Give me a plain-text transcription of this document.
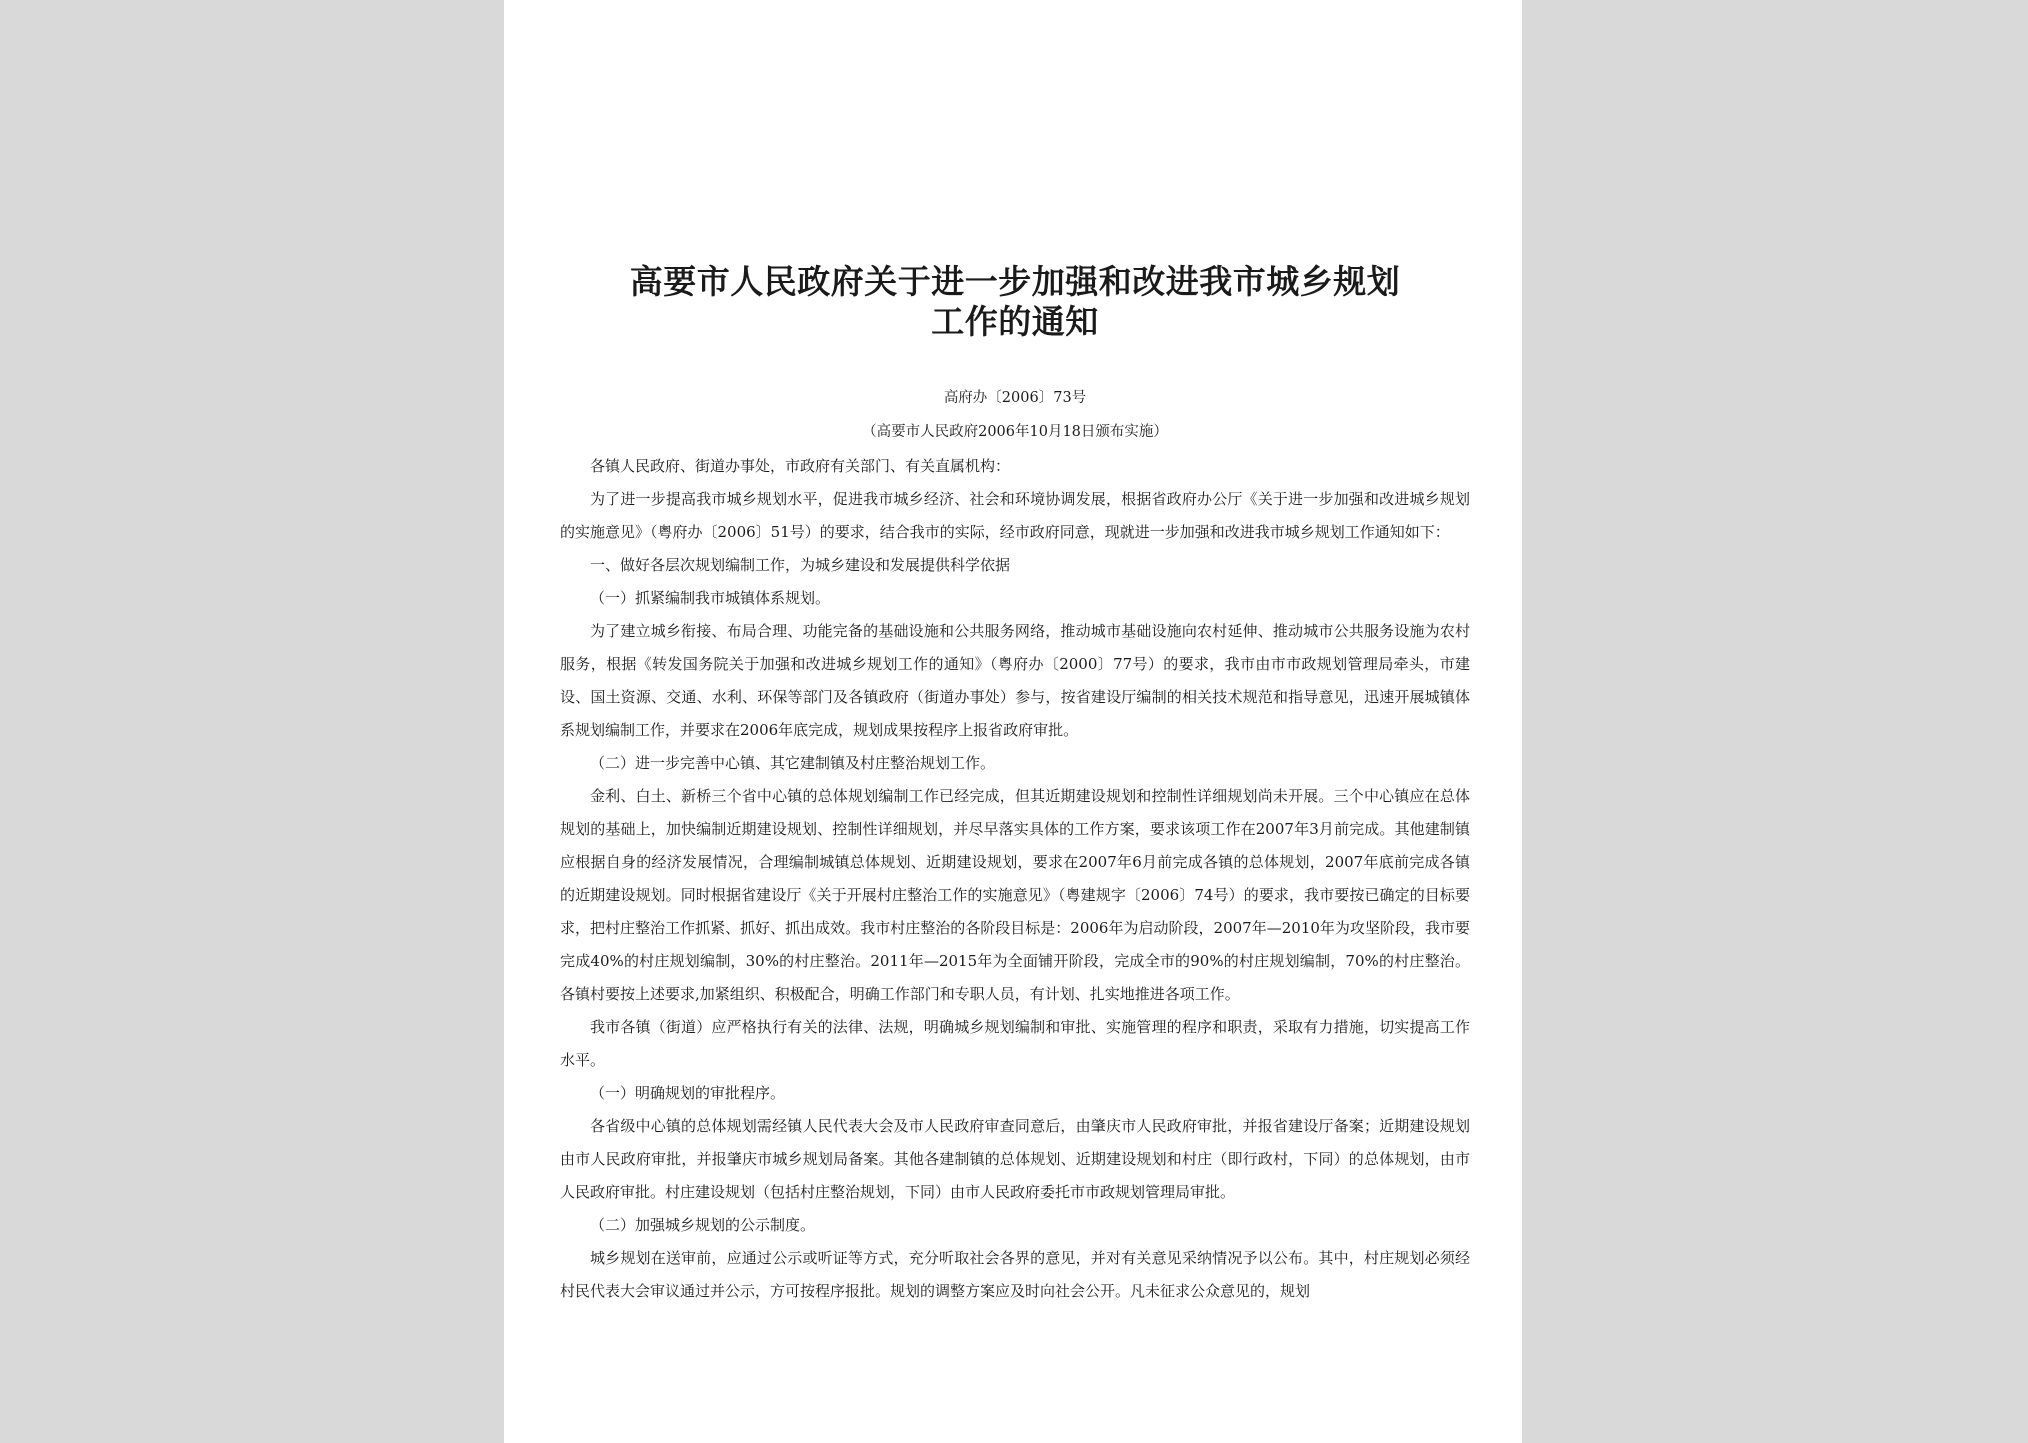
高要市人民政府关于进一步加强和改进我市城乡规划
工作的通知
高府办〔2006〕73号
（高要市人民政府2006年10月18日颁布实施）

各镇人民政府、街道办事处，市政府有关部门、有关直属机构：

为了进一步提高我市城乡规划水平，促进我市城乡经济、社会和环境协调发展，根据省政府办公厅《关于进一步加强和改进城乡规划的实施意见》（粤府办〔2006〕51号）的要求，结合我市的实际，经市政府同意，现就进一步加强和改进我市城乡规划工作通知如下：

一、做好各层次规划编制工作，为城乡建设和发展提供科学依据

（一）抓紧编制我市城镇体系规划。

为了建立城乡衔接、布局合理、功能完备的基础设施和公共服务网络，推动城市基础设施向农村延伸、推动城市公共服务设施为农村服务，根据《转发国务院关于加强和改进城乡规划工作的通知》（粤府办〔2000〕77号）的要求，我市由市市政规划管理局牵头，市建设、国土资源、交通、水利、环保等部门及各镇政府（街道办事处）参与，按省建设厅编制的相关技术规范和指导意见，迅速开展城镇体系规划编制工作，并要求在2006年底完成，规划成果按程序上报省政府审批。

（二）进一步完善中心镇、其它建制镇及村庄整治规划工作。

金利、白土、新桥三个省中心镇的总体规划编制工作已经完成，但其近期建设规划和控制性详细规划尚未开展。三个中心镇应在总体规划的基础上，加快编制近期建设规划、控制性详细规划，并尽早落实具体的工作方案，要求该项工作在2007年3月前完成。其他建制镇应根据自身的经济发展情况，合理编制城镇总体规划、近期建设规划，要求在2007年6月前完成各镇的总体规划，2007年底前完成各镇的近期建设规划。同时根据省建设厅《关于开展村庄整治工作的实施意见》（粤建规字〔2006〕74号）的要求，我市要按已确定的目标要求，把村庄整治工作抓紧、抓好、抓出成效。我市村庄整治的各阶段目标是：2006年为启动阶段，2007年—2010年为攻坚阶段，我市要完成40%的村庄规划编制，30%的村庄整治。2011年—2015年为全面铺开阶段，完成全市的90%的村庄规划编制，70%的村庄整治。各镇村要按上述要求,加紧组织、积极配合，明确工作部门和专职人员，有计划、扎实地推进各项工作。

我市各镇（街道）应严格执行有关的法律、法规，明确城乡规划编制和审批、实施管理的程序和职责，采取有力措施，切实提高工作水平。

（一）明确规划的审批程序。

各省级中心镇的总体规划需经镇人民代表大会及市人民政府审查同意后，由肇庆市人民政府审批，并报省建设厅备案；近期建设规划由市人民政府审批，并报肇庆市城乡规划局备案。其他各建制镇的总体规划、近期建设规划和村庄（即行政村，下同）的总体规划，由市人民政府审批。村庄建设规划（包括村庄整治规划，下同）由市人民政府委托市市政规划管理局审批。

（二）加强城乡规划的公示制度。

城乡规划在送审前，应通过公示或听证等方式，充分听取社会各界的意见，并对有关意见采纳情况予以公布。其中，村庄规划必须经村民代表大会审议通过并公示，方可按程序报批。规划的调整方案应及时向社会公开。凡未征求公众意见的，规划
